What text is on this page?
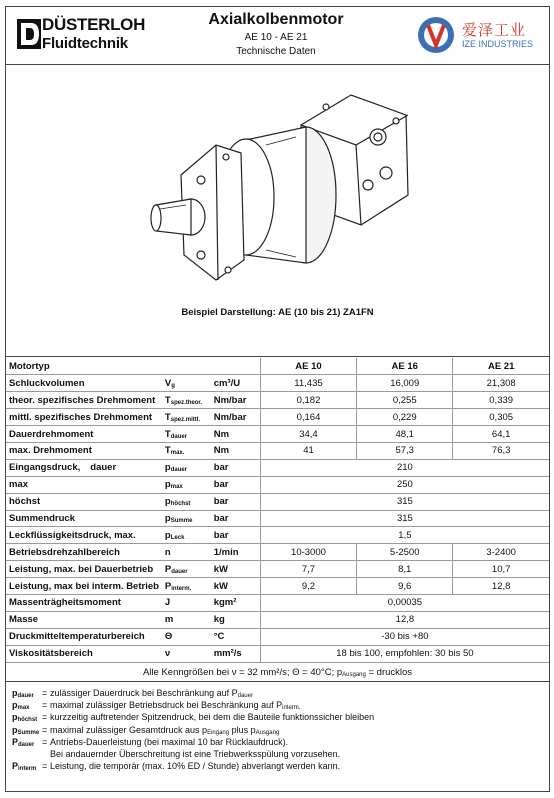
DÜSTERLOH
Fluidtechnik
Axialkolbenmotor
AE 10 - AE 21
Technische Daten
爱泽工业
IZE INDUSTRIES
Beispiel Darstellung: AE (10 bis 21) ZA1FN
Motortyp			AE 10	AE 16	AE 21
Schluckvolumen	Vg	cm³/U	11,435	16,009	21,308
theor. spezifisches Drehmoment	Tspez.theor.	Nm/bar	0,182	0,255	0,339
mittl. spezifisches Drehmoment	Tspez.mittl.	Nm/bar	0,164	0,229	0,305
Dauerdrehmoment	Tdauer	Nm	34,4	48,1	64,1
max. Drehmoment	Tmax.	Nm	41	57,3	76,3
Eingangsdruck, dauer	pdauer	bar	210		
max	pmax	bar	250		
höchst	phöchst	bar	315		
Summendruck	pSumme	bar	315		
Leckflüssigkeitsdruck, max.	pLeck	bar	1,5		
Betriebsdrehzahlbereich	n	1/min	10-3000	5-2500	3-2400
Leistung, max. bei Dauerbetrieb	Pdauer	kW	7,7	8,1	10,7
Leistung, max bei interm. Betrieb	Pinterm.	kW	9,2	9,6	12,8
Massenträgheitsmoment	J	kgm²	0,00035		
Masse	m	kg	12,8		
Druckmitteltemperaturbereich	Θ	°C	-30 bis +80		
Viskositätsbereich	ν	mm²/s	18 bis 100, empfohlen: 30 bis 50		
Alle Kenngrößen bei ν = 32 mm²/s; Θ = 40°C; pAusgang = drucklos
pdauer = zulässiger Dauerdruck bei Beschränkung auf Pdauer
pmax	= maximal zulässiger Betriebsdruck bei Beschränkung auf Pinterm.
phöchst = kurzzeitig auftretender Spitzendruck, bei dem die Bauteile funktionssicher bleiben
pSumme = maximal zulässiger Gesamtdruck aus pEingang plus pAusgang
Pdauer = Antriebs-Dauerleistung (bei maximal 10 bar Rücklaufdruck).
Bei andauernder Überschreitung ist eine Triebwerksspülung vorzusehen.
Pinterm = Leistung, die temporär (max. 10% ED / Stunde) abverlangt werden kann.
